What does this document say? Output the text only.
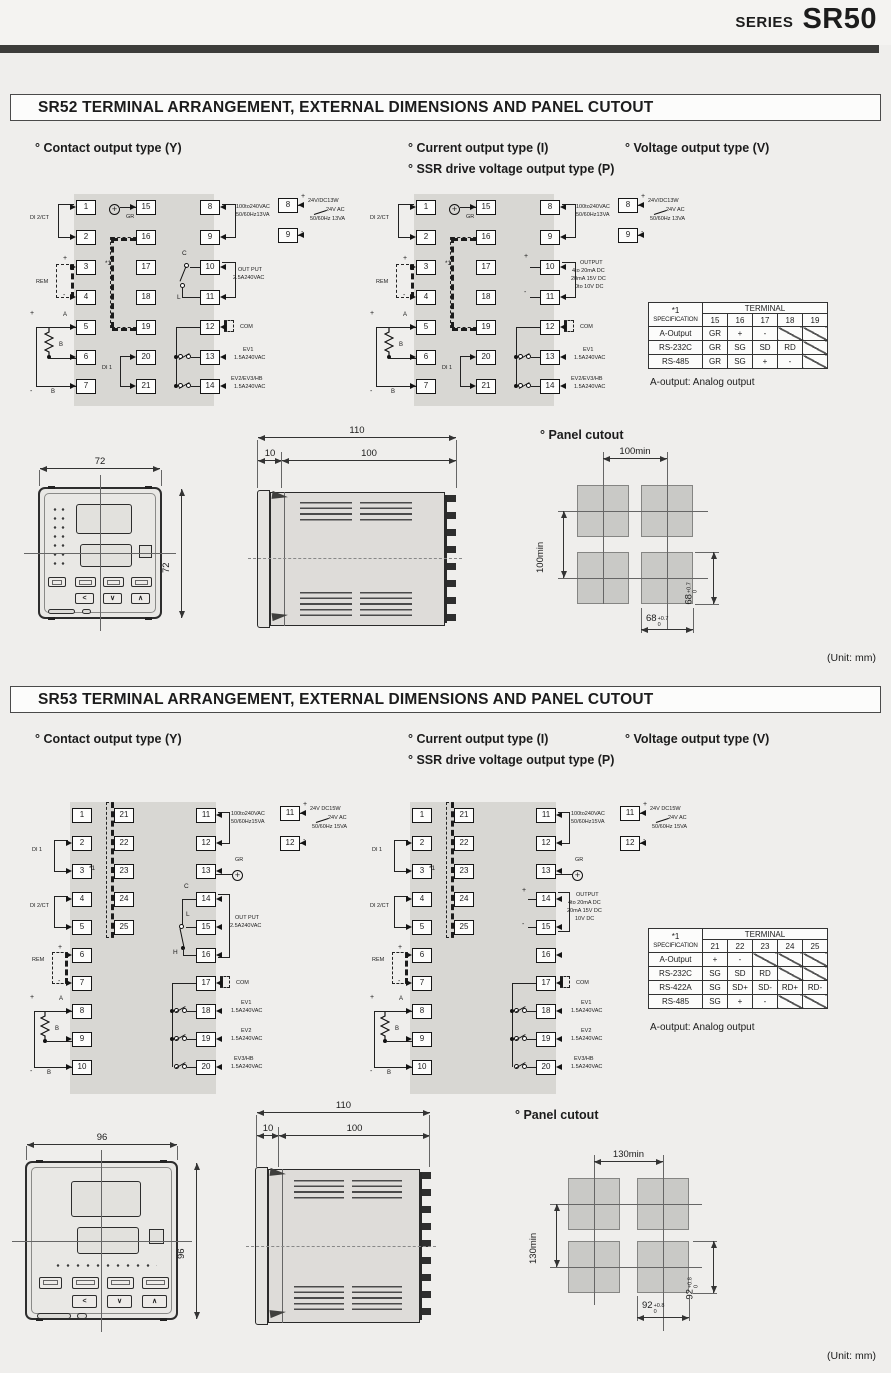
SERIES SR50
SR52 TERMINAL ARRANGEMENT, EXTERNAL DIMENSIONS AND PANEL CUTOUT
° Contact output type (Y)	° Current output type (I)	° Voltage output type (V)
° SSR drive voltage output type (P)
+
1
2
3
4
5
6
7
15
16
17
18
19
20
21
8
9
10
11
12
13
14
8
9
DI 2/CT
REM
+
-
+	A
B
B
-
GR
*1
DI 1
100to240VAC
50/60Hz13VA
C
L
OUT PUT
2.5A240VAC
COM
EV1
1.5A240VAC
EV2/EV3/HB
1.5A240VAC
+
24V/DC13W
24V AC
50/60Hz 13VA
-
+
1
2
3
4
5
6
7
15
16
17
18
19
20
21
8
9
10
11
12
13
14
8
9
DI 2/CT
REM
+
-
+	A
B
B
-
GR
*1
DI 1
100to240VAC
50/60Hz13VA
+
-
OUTPUT
4to 20mA DC
20mA 15V DC
0to 10V DC
COM
EV1
1.5A240VAC
EV2/EV3/HB
1.5A240VAC
+
24V/DC13W
24V AC
50/60Hz 13VA
-
*1
SPECIFICATION	TERMINAL				
	15	16	17	18	19
A-Output	GR	+	-		
RS-232C	GR	SG	SD	RD	
RS-485	GR	SG	+	-	
A-output: Analog output
72
<	∨	∧
72
110
10	100
° Panel cutout
100min
100min
68
+0.7 0
68 +0.7
0
(Unit: mm)
SR53 TERMINAL ARRANGEMENT, EXTERNAL DIMENSIONS AND PANEL CUTOUT
° Contact output type (Y)	° Current output type (I)	° Voltage output type (V)
° SSR drive voltage output type (P)
+
1
2
3
4
5
6
7
8
9
10
21
22
23
24
25
11
12
13
14
15
16
17
18
19
20
11
12
DI 1
DI 2/CT
REM
+
-
+	A
B
B
-
*1
100to240VAC
50/60Hz15VA
GR
C
L
H
OUT PUT
2.5A240VAC
COM
EV1
1.5A240VAC
EV2
1.5A240VAC
EV3/HB
1.5A240VAC
+
24V DC15W
24V AC
50/60Hz 15VA
-
+
1
2
3
4
5
6
7
8
9
10
21
22
23
24
25
11
12
13
14
15
16
17
18
19
20
11
12
DI 1
DI 2/CT
REM
+
-
+	A
B
B
-
*1
100to240VAC
50/60Hz15VA
GR
+
-
OUTPUT
4to 20mA DC
20mA 15V DC
10V DC
COM
EV1
1.5A240VAC
EV2
1.5A240VAC
EV3/HB
1.5A240VAC
+
24V DC15W
24V AC
50/60Hz 15VA
-
*1
SPECIFICATION	TERMINAL				
	21	22	23	24	25
A-Output	+	-			
RS-232C	SG	SD	RD		
RS-422A	SG	SD+	SD-	RD+	RD-
RS-485	SG	+	-		
A-output: Analog output
96
<	∨	∧
96
110
10	100
° Panel cutout
130min
130min
92
+0.8 0
92 +0.8
0
(Unit: mm)
